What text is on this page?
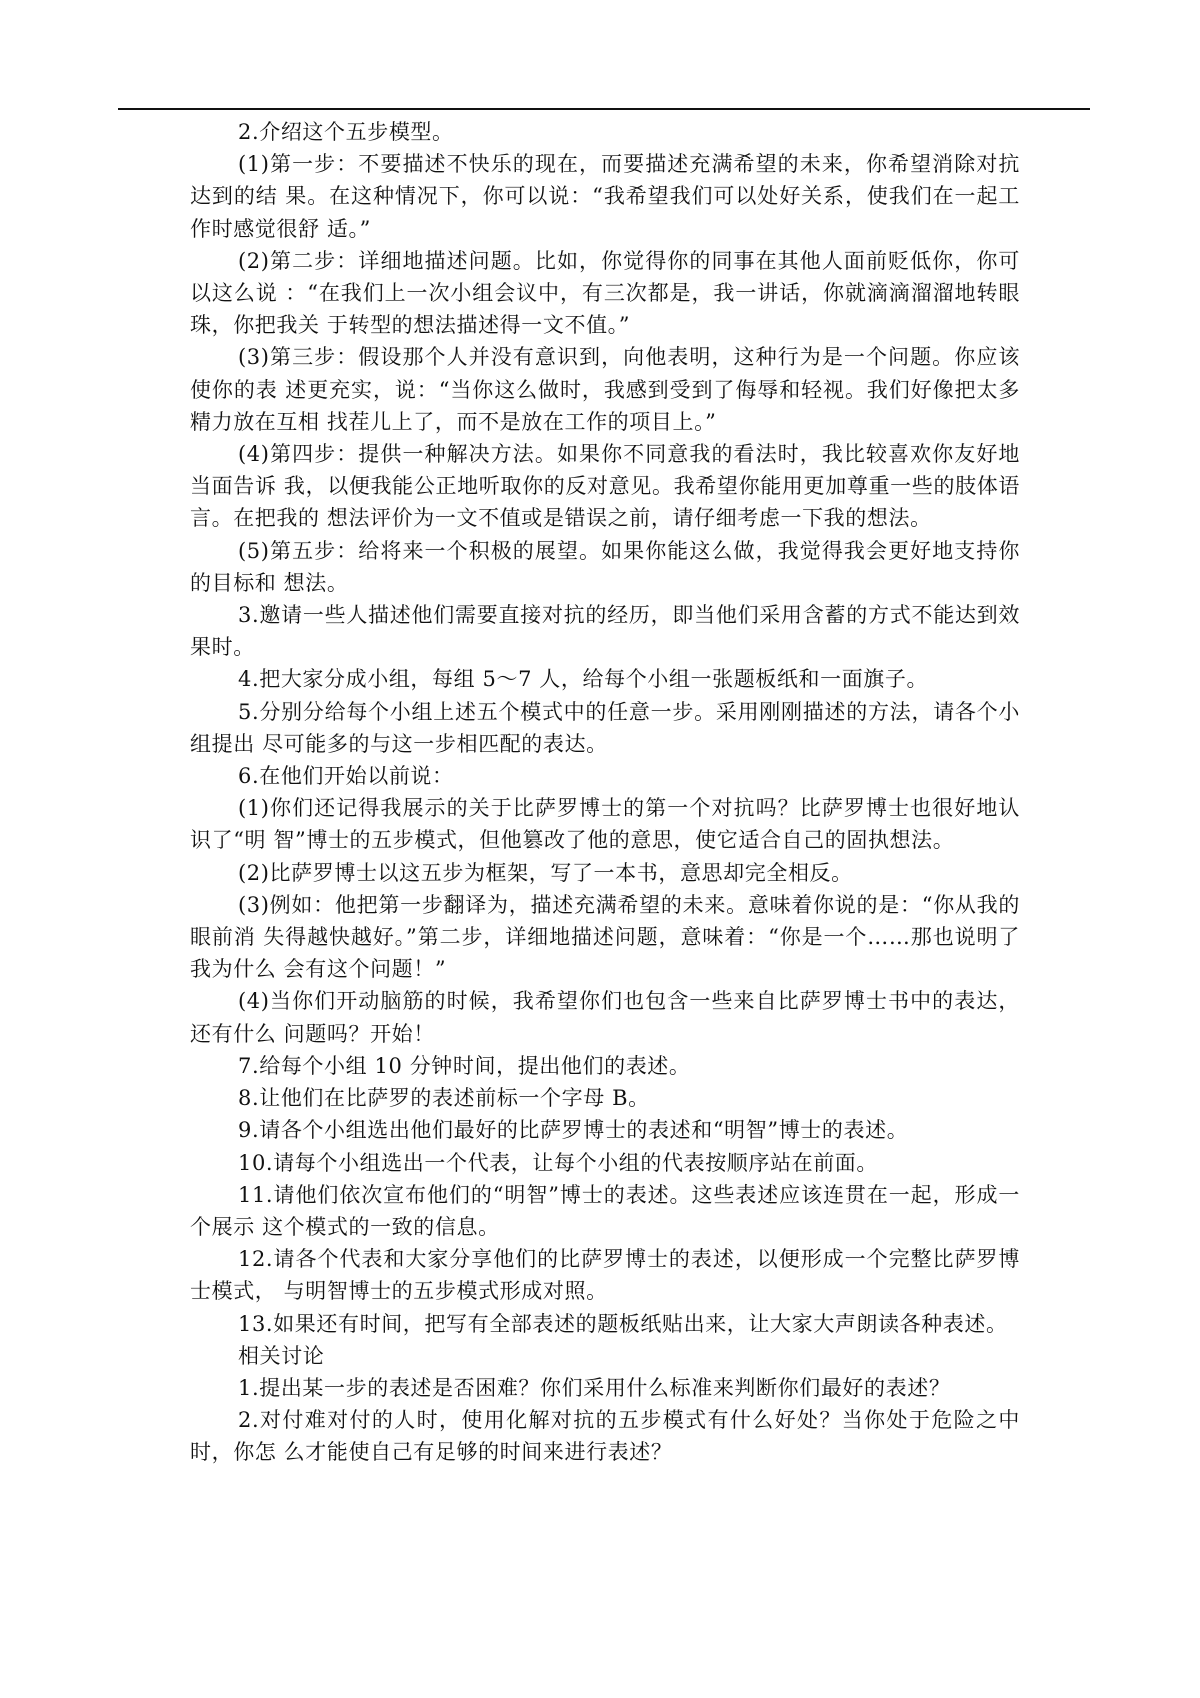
2.介绍这个五步模型。

(1)第一步：不要描述不快乐的现在，而要描述充满希望的未来，你希望消除对抗达到的结 果。在这种情况下，你可以说：“我希望我们可以处好关系，使我们在一起工作时感觉很舒 适。”

(2)第二步：详细地描述问题。比如，你觉得你的同事在其他人面前贬低你，你可以这么说 ：“在我们上一次小组会议中，有三次都是，我一讲话，你就滴滴溜溜地转眼珠，你把我关 于转型的想法描述得一文不值。”

(3)第三步：假设那个人并没有意识到，向他表明，这种行为是一个问题。你应该使你的表 述更充实，说：“当你这么做时，我感到受到了侮辱和轻视。我们好像把太多精力放在互相 找茬儿上了，而不是放在工作的项目上。”

(4)第四步：提供一种解决方法。如果你不同意我的看法时，我比较喜欢你友好地当面告诉 我，以便我能公正地听取你的反对意见。我希望你能用更加尊重一些的肢体语言。在把我的 想法评价为一文不值或是错误之前，请仔细考虑一下我的想法。

(5)第五步：给将来一个积极的展望。如果你能这么做，我觉得我会更好地支持你的目标和 想法。

3.邀请一些人描述他们需要直接对抗的经历，即当他们采用含蓄的方式不能达到效果时。

4.把大家分成小组，每组 5～7 人，给每个小组一张题板纸和一面旗子。

5.分别分给每个小组上述五个模式中的任意一步。采用刚刚描述的方法，请各个小组提出 尽可能多的与这一步相匹配的表达。

6.在他们开始以前说：

(1)你们还记得我展示的关于比萨罗博士的第一个对抗吗？比萨罗博士也很好地认识了“明 智”博士的五步模式，但他篡改了他的意思，使它适合自己的固执想法。

(2)比萨罗博士以这五步为框架，写了一本书，意思却完全相反。

(3)例如：他把第一步翻译为，描述充满希望的未来。意味着你说的是：“你从我的眼前消 失得越快越好。”第二步，详细地描述问题，意味着：“你是一个……那也说明了我为什么 会有这个问题！”

(4)当你们开动脑筋的时候，我希望你们也包含一些来自比萨罗博士书中的表达，还有什么 问题吗？开始！

7.给每个小组 10 分钟时间，提出他们的表述。

8.让他们在比萨罗的表述前标一个字母 B。

9.请各个小组选出他们最好的比萨罗博士的表述和“明智”博士的表述。

10.请每个小组选出一个代表，让每个小组的代表按顺序站在前面。

11.请他们依次宣布他们的“明智”博士的表述。这些表述应该连贯在一起，形成一个展示 这个模式的一致的信息。

12.请各个代表和大家分享他们的比萨罗博士的表述，以便形成一个完整比萨罗博士模式， 与明智博士的五步模式形成对照。

13.如果还有时间，把写有全部表述的题板纸贴出来，让大家大声朗读各种表述。

相关讨论

1.提出某一步的表述是否困难？你们采用什么标准来判断你们最好的表述？

2.对付难对付的人时，使用化解对抗的五步模式有什么好处？当你处于危险之中时，你怎 么才能使自己有足够的时间来进行表述？
